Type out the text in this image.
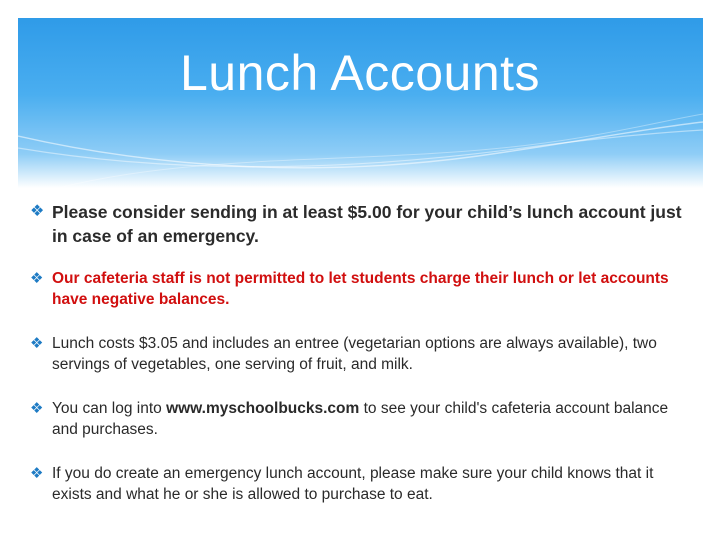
Lunch Accounts
❖ Please consider sending in at least $5.00 for your child’s lunch account just in case of an emergency.
❖ Our cafeteria staff is not permitted to let students charge their lunch or let accounts have negative balances.
❖ Lunch costs $3.05 and includes an entree (vegetarian options are always available), two servings of vegetables, one serving of fruit, and milk.
❖ You can log into www.myschoolbucks.com to see your child's cafeteria account balance and purchases.
❖ If you do create an emergency lunch account, please make sure your child knows that it exists and what he or she is allowed to purchase to eat.
